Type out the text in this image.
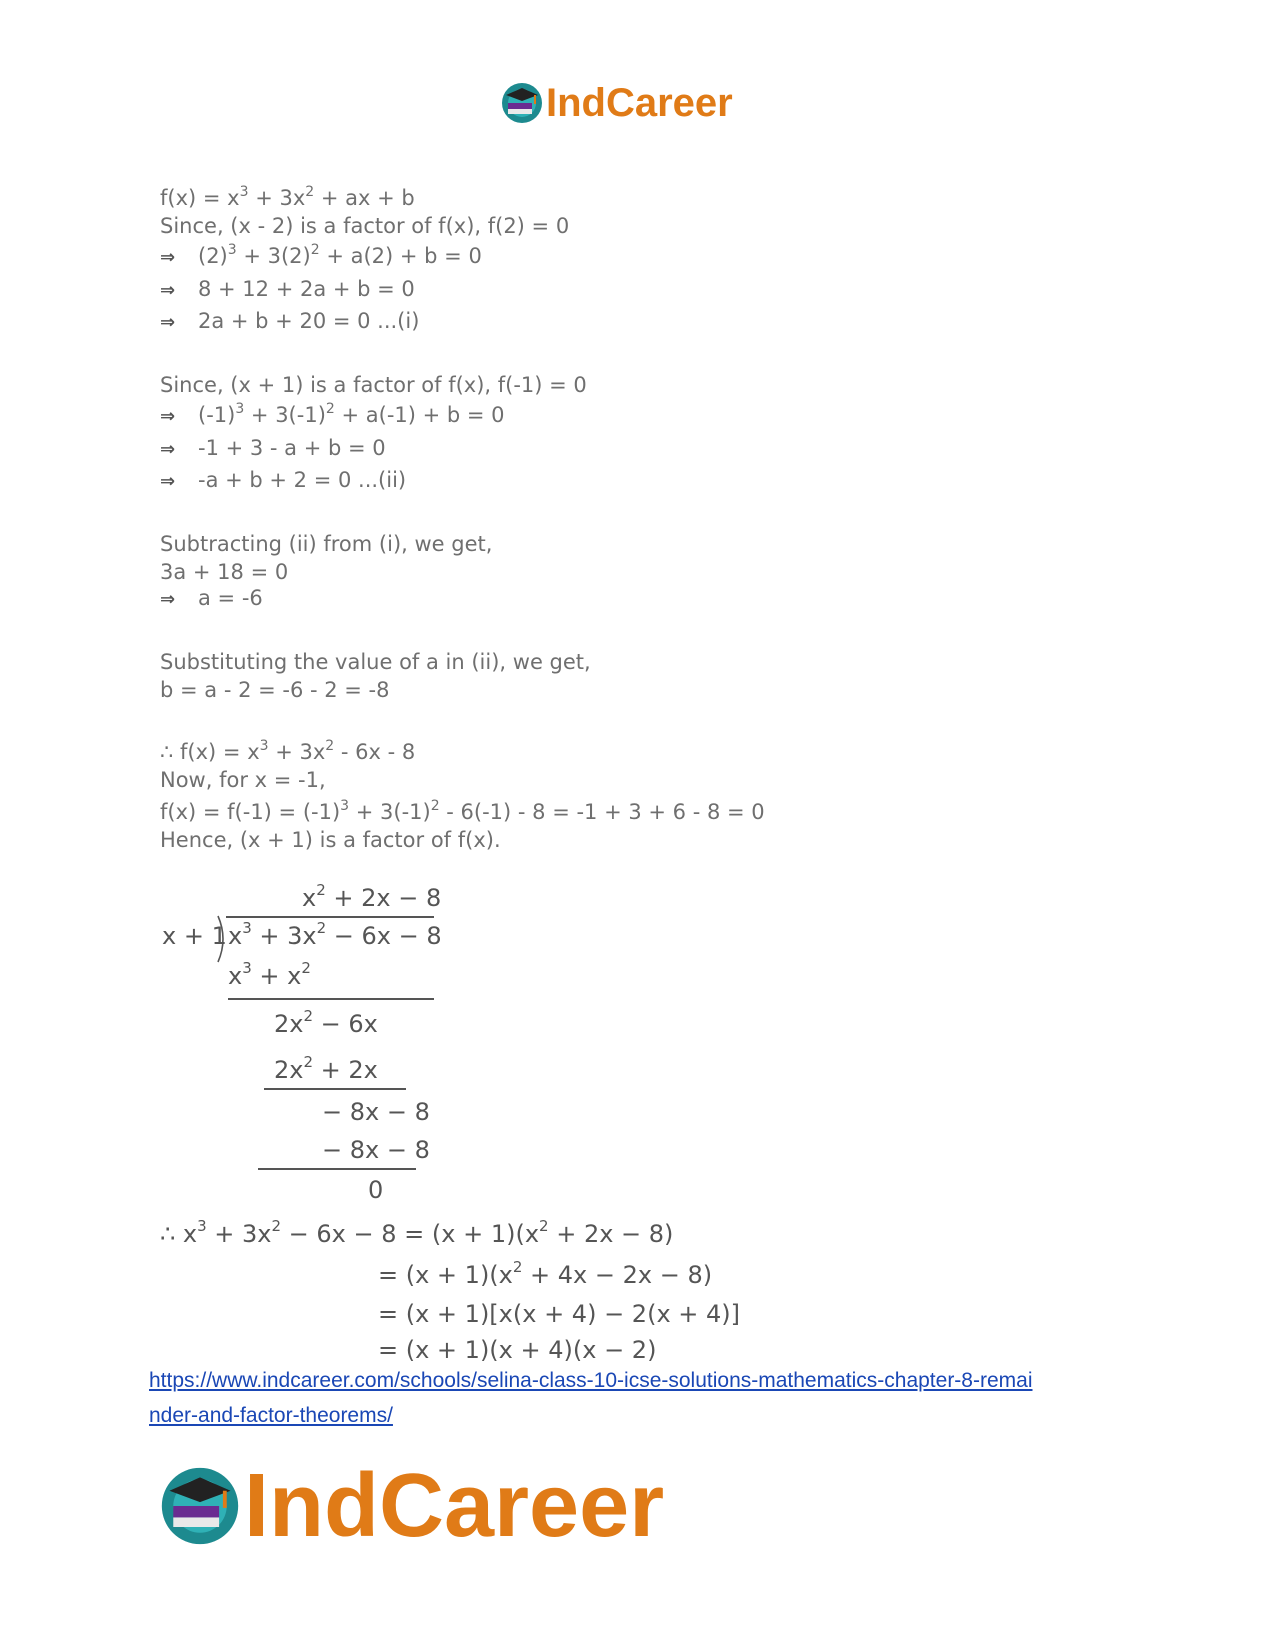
IndCareer
$f(x) = x^3 + 3x^2$ + ax + b
Since, (x - 2) is a factor of f(x), f(2) = 0
⇒ $(2)^3 + 3(2)^2 + a(2) + b = 0$
⇒ 8 + 12 + 2a + b = 0
⇒ 2a + b + 20 = 0 ...(i)
Since, (x + 1) is a factor of f(x), f(-1) = 0
⇒ $(-1)^3 + 3(-1)^2 + a(-1) + b = 0$
⇒ -1 + 3 - a + b = 0
⇒ -a + b + 2 = 0 ...(ii)
Subtracting (ii) from (i), we get,
3a + 18 = 0
⇒ a = -6
Substituting the value of a in (ii), we get,
b = a - 2 = -6 - 2 = -8
∴ $f(x) = x^3 + 3x^2 - 6x - 8$
Now, for x = -1,
$f(x) = f(-1) = (-1)^3 + 3(-1)^2 - 6(-1) - 8 = -1 + 3 + 6 - 8 = 0$
Hence, (x + 1) is a factor of f(x).
$x^2 + 2x - 8$
x + 1 $x^3 + 3x^2 - 6x - 8$
$x^3 + x^2$
$2x^2 - 6x$
$2x^2 + 2x$
− 8x − 8
− 8x − 8
0
∴ $x^3 + 3x^2 - 6x - 8 = (x + 1)(x^2 + 2x - 8)$
= $(x + 1)(x^2 + 4x - 2x - 8)$
= (x + 1)[x(x + 4) − 2(x + 4)]
= (x + 1)(x + 4)(x − 2)
https://www.indcareer.com/schools/selina-class-10-icse-solutions-mathematics-chapter-8-remai
nder-and-factor-theorems/
IndCareer
